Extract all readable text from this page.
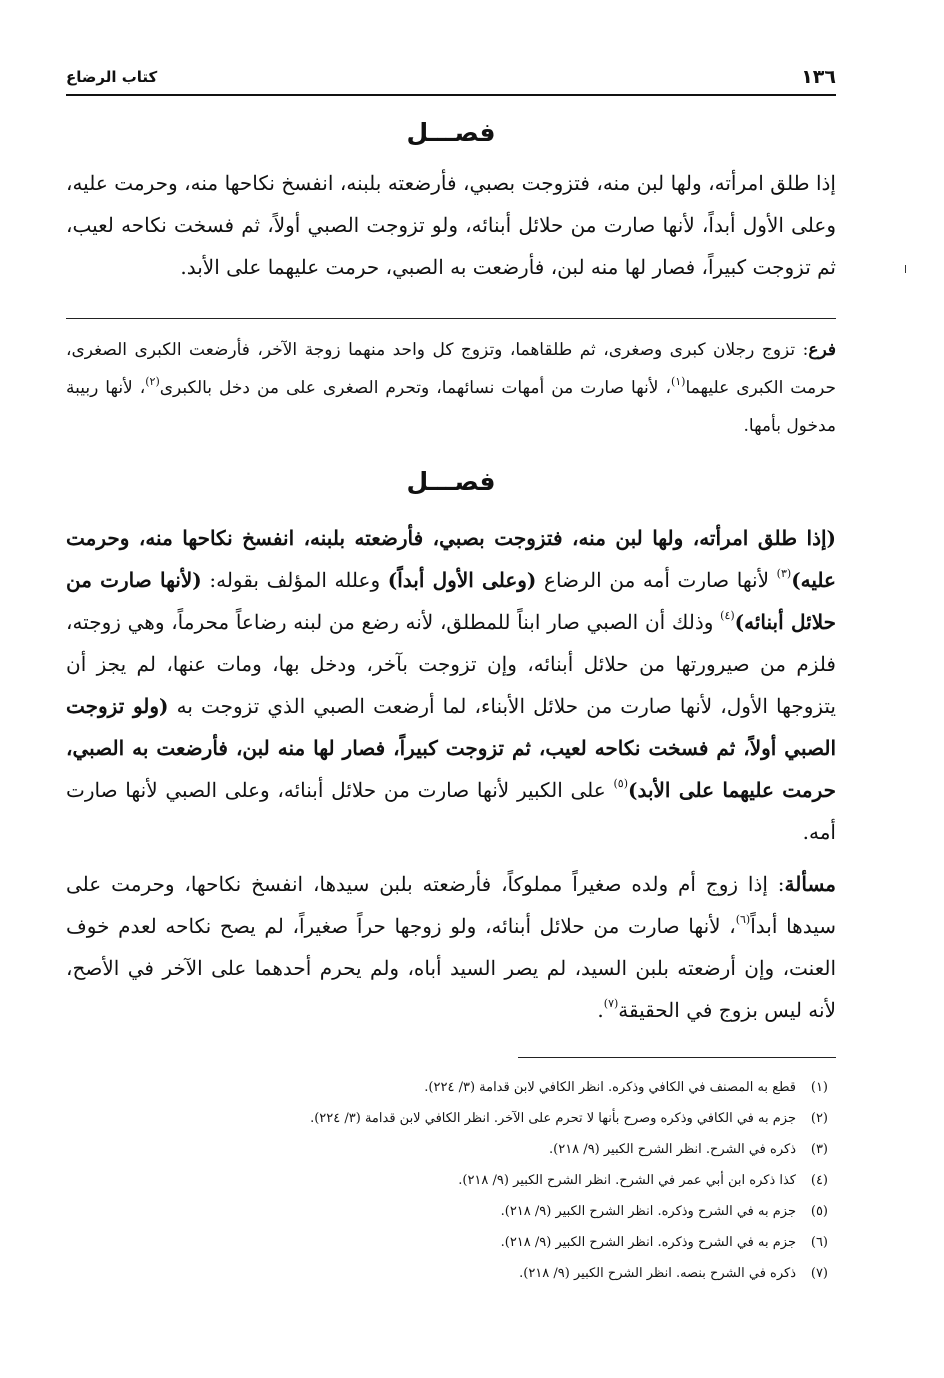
١٣٦
كتاب الرضاع
فصـــل

إذا طلق امرأته، ولها لبن منه، فتزوجت بصبي، فأرضعته بلبنه، انفسخ نكاحها منه، وحرمت عليه، وعلى الأول أبداً، لأنها صارت من حلائل أبنائه، ولو تزوجت الصبي أولاً، ثم فسخت نكاحه لعيب، ثم تزوجت كبيراً، فصار لها منه لبن، فأرضعت به الصبي، حرمت عليهما على الأبد.

فرع: تزوج رجلان كبرى وصغرى، ثم طلقاهما، وتزوج كل واحد منهما زوجة الآخر، فأرضعت الكبرى الصغرى، حرمت الكبرى عليهما$^{(١)}$، لأنها صارت من أمهات نسائهما، وتحرم الصغرى على من دخل بالكبرى$^{(٢)}$، لأنها ربيبة مدخول بأمها.

فصـــل

(إذا طلق امرأته، ولها لبن منه، فتزوجت بصبي، فأرضعته بلبنه، انفسخ نكاحها منه، وحرمت عليه)$^{(٣)}$ لأنها صارت أمه من الرضاع (وعلى الأول أبداً) وعلله المؤلف بقوله: (لأنها صارت من حلائل أبنائه)$^{(٤)}$ وذلك أن الصبي صار ابناً للمطلق، لأنه رضع من لبنه رضاعاً محرماً، وهي زوجته، فلزم من صيرورتها من حلائل أبنائه، وإن تزوجت بآخر، ودخل بها، ومات عنها، لم يجز أن يتزوجها الأول، لأنها صارت من حلائل الأبناء، لما أرضعت الصبي الذي تزوجت به (ولو تزوجت الصبي أولاً، ثم فسخت نكاحه لعيب، ثم تزوجت كبيراً، فصار لها منه لبن، فأرضعت به الصبي، حرمت عليهما على الأبد)$^{(٥)}$ على الكبير لأنها صارت من حلائل أبنائه، وعلى الصبي لأنها صارت أمه.

مسألة: إذا زوج أم ولده صغيراً مملوكاً، فأرضعته بلبن سيدها، انفسخ نكاحها، وحرمت على سيدها أبداً$^{(٦)}$، لأنها صارت من حلائل أبنائه، ولو زوجها حراً صغيراً، لم يصح نكاحه لعدم خوف العنت، وإن أرضعته بلبن السيد، لم يصر السيد أباه، ولم يحرم أحدهما على الآخر في الأصح، لأنه ليس بزوج في الحقيقة$^{(٧)}$.

(١)قطع به المصنف في الكافي وذكره. انظر الكافي لابن قدامة (٣/ ٢٢٤).

(٢)جزم به في الكافي وذكره وصرح بأنها لا تحرم على الآخر. انظر الكافي لابن قدامة (٣/ ٢٢٤).

(٣)ذكره في الشرح. انظر الشرح الكبير (٩/ ٢١٨).

(٤)كذا ذكره ابن أبي عمر في الشرح. انظر الشرح الكبير (٩/ ٢١٨).

(٥)جزم به في الشرح وذكره. انظر الشرح الكبير (٩/ ٢١٨).

(٦)جزم به في الشرح وذكره. انظر الشرح الكبير (٩/ ٢١٨).

(٧)ذكره في الشرح بنصه. انظر الشرح الكبير (٩/ ٢١٨).
